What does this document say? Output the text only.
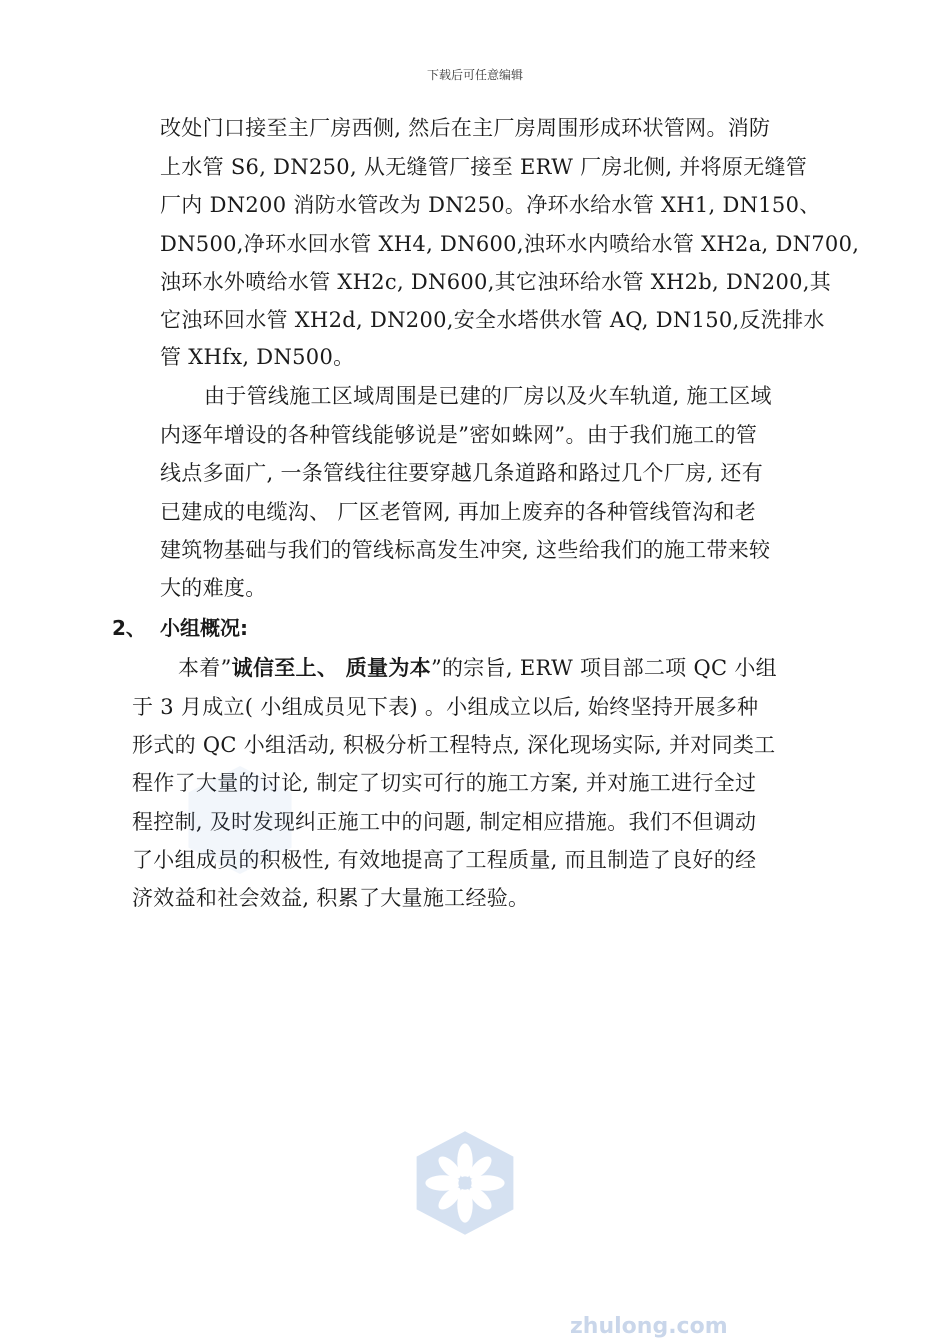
下载后可任意编辑
改处门口接至主厂房西侧, 然后在主厂房周围形成环状管网。消防
上水管 S6, DN250, 从无缝管厂接至 ERW 厂房北侧, 并将原无缝管
厂内 DN200 消防水管改为 DN250。净环水给水管 XH1, DN150、
DN500,净环水回水管 XH4, DN600,浊环水内喷给水管 XH2a, DN700,
浊环水外喷给水管 XH2c, DN600,其它浊环给水管 XH2b, DN200,其
它浊环回水管 XH2d, DN200,安全水塔供水管 AQ, DN150,反洗排水
管 XHfx, DN500。
由于管线施工区域周围是已建的厂房以及火车轨道, 施工区域
内逐年增设的各种管线能够说是”密如蛛网”。由于我们施工的管
线点多面广, 一条管线往往要穿越几条道路和路过几个厂房, 还有
已建成的电缆沟、 厂区老管网, 再加上废弃的各种管线管沟和老
建筑物基础与我们的管线标高发生冲突, 这些给我们的施工带来较
大的难度。
2、 小组概况:
本着”诚信至上、 质量为本”的宗旨, ERW 项目部二项 QC 小组
于 3 月成立( 小组成员见下表) 。小组成立以后, 始终坚持开展多种
形式的 QC 小组活动, 积极分析工程特点, 深化现场实际, 并对同类工
程作了大量的讨论, 制定了切实可行的施工方案, 并对施工进行全过
程控制, 及时发现纠正施工中的问题, 制定相应措施。我们不但调动
了小组成员的积极性, 有效地提高了工程质量, 而且制造了良好的经
济效益和社会效益, 积累了大量施工经验。
zhulong.com
